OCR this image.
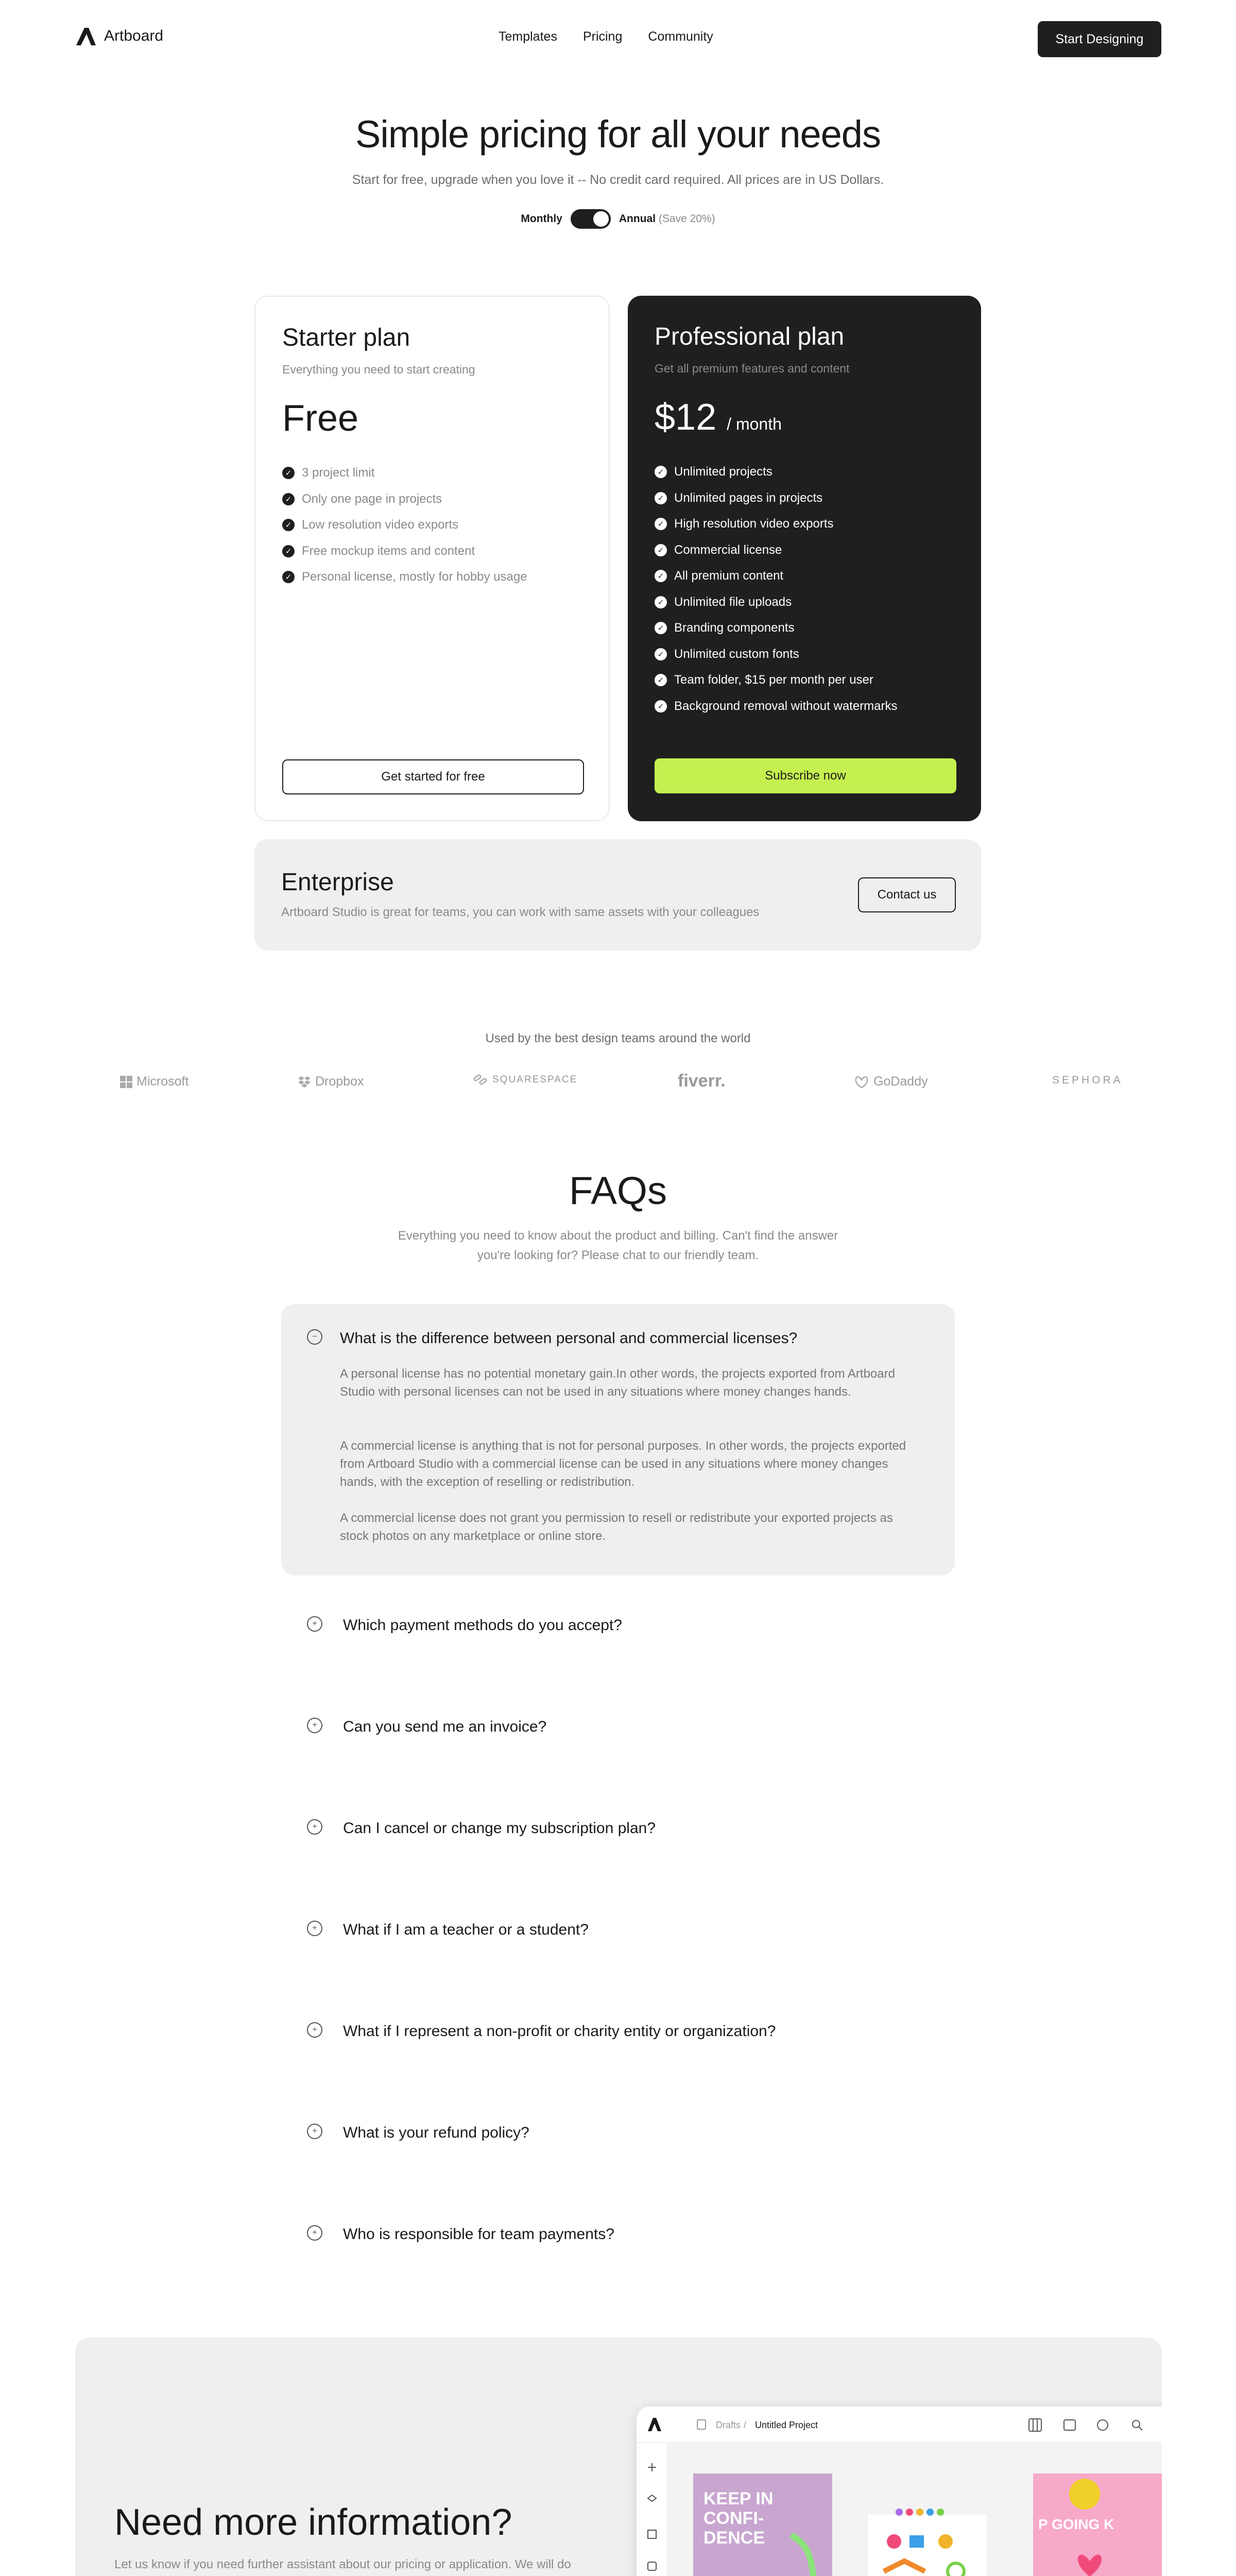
Artboard	Templates Pricing Community	Start Designing
Simple pricing for all your needs
Start for free, upgrade when you love it -- No credit card required. All prices are in US Dollars.
Monthly	Annual (Save 20%)
Starter plan
Everything you need to start creating
Free
✓ 3 project limit
✓ Only one page in projects
✓ Low resolution video exports
✓ Free mockup items and content
✓ Personal license, mostly for hobby usage
Get started for free
Professional plan
Get all premium features and content
$12 / month
✓ Unlimited projects
✓ Unlimited pages in projects
✓ High resolution video exports
✓ Commercial license
✓ All premium content
✓ Unlimited file uploads
✓ Branding components
✓ Unlimited custom fonts
✓ Team folder, $15 per month per user
✓ Background removal without watermarks
Subscribe now
Enterprise

Artboard Studio is great for teams, you can work with same assets with your colleagues

Contact us
Used by the best design teams around the world
Microsoft	Dropbox	SQUARESPACE	fiverr.	GoDaddy	SEPHORA
FAQs
Everything you need to know about the product and billing. Can't find the answer you're looking for? Please chat to our friendly team.
−	What is the difference between personal and commercial licenses?
A personal license has no potential monetary gain.In other words, the projects exported from Artboard Studio with personal licenses can not be used in any situations where money changes hands.
A commercial license is anything that is not for personal purposes. In other words, the projects exported from Artboard Studio with a commercial license can be used in any situations where money changes hands, with the exception of reselling or redistribution.
A commercial license does not grant you permission to resell or redistribute your exported projects as stock photos on any marketplace or online store.
+	Which payment methods do you accept?
+	Can you send me an invoice?
+	Can I cancel or change my subscription plan?
+	What if I am a teacher or a student?
+	What if I represent a non-profit or charity entity or organization?
+	What is your refund policy?
+	Who is responsible for team payments?
Need more information?

Let us know if you need further assistant about our pricing or application. We will do

Drafts / Untitled Project
KEEP IN
CONFI-
DENCE
P GOING K
